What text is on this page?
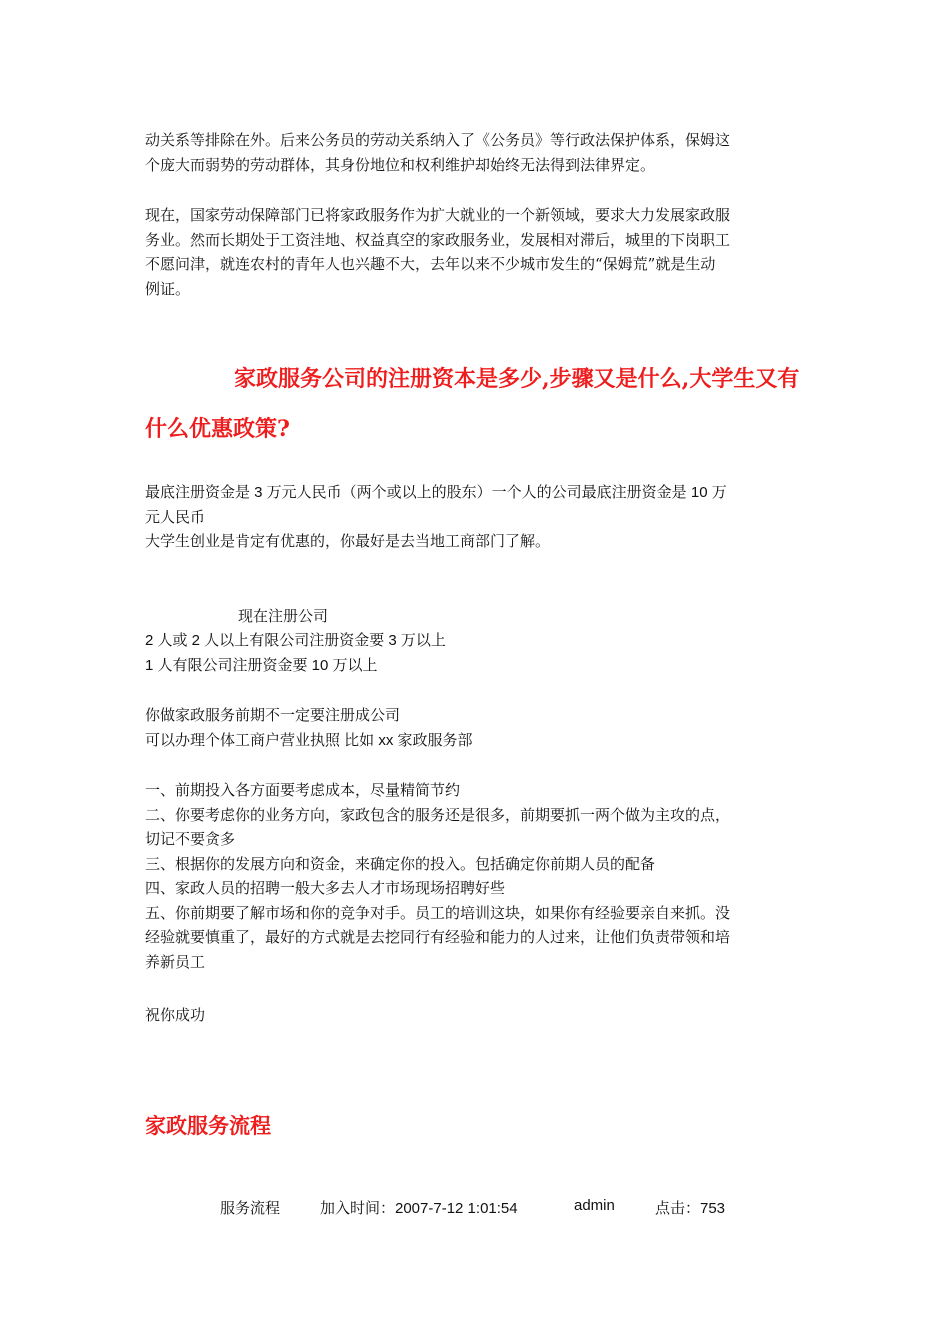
动关系等排除在外。后来公务员的劳动关系纳入了《公务员》等行政法保护体系，保姆这
个庞大而弱势的劳动群体，其身份地位和权利维护却始终无法得到法律界定。
现在，国家劳动保障部门已将家政服务作为扩大就业的一个新领域，要求大力发展家政服
务业。然而长期处于工资洼地、权益真空的家政服务业，发展相对滞后，城里的下岗职工
不愿问津，就连农村的青年人也兴趣不大，去年以来不少城市发生的“保姆荒”就是生动
例证。
家政服务公司的注册资本是多少,步骤又是什么,大学生又有
什么优惠政策?
最底注册资金是 3 万元人民币（两个或以上的股东）一个人的公司最底注册资金是 10 万
元人民币
大学生创业是肯定有优惠的，你最好是去当地工商部门了解。
现在注册公司
2 人或 2 人以上有限公司注册资金要 3 万以上
1 人有限公司注册资金要 10 万以上
你做家政服务前期不一定要注册成公司
可以办理个体工商户营业执照 比如 xx 家政服务部
一、前期投入各方面要考虑成本，尽量精简节约
二、你要考虑你的业务方向，家政包含的服务还是很多，前期要抓一两个做为主攻的点，
切记不要贪多
三、根据你的发展方向和资金，来确定你的投入。包括确定你前期人员的配备
四、家政人员的招聘一般大多去人才市场现场招聘好些
五、你前期要了解市场和你的竞争对手。员工的培训这块，如果你有经验要亲自来抓。没
经验就要慎重了，最好的方式就是去挖同行有经验和能力的人过来，让他们负责带领和培
养新员工
祝你成功
家政服务流程
服务流程	加入时间：2007-7-12 1:01:54	admin	点击：753
